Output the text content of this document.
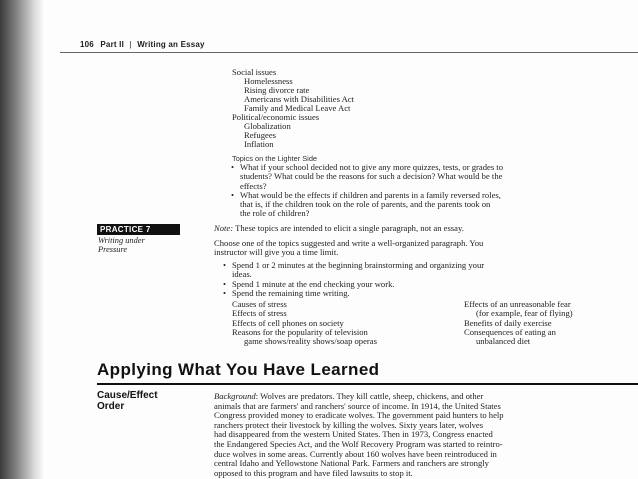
106 Part II | Writing an Essay
Social issues
Homelessness
Rising divorce rate
Americans with Disabilities Act
Family and Medical Leave Act
Political/economic issues
Globalization
Refugees
Inflation
Topics on the Lighter Side
• What if your school decided not to give any more quizzes, tests, or grades to
students? What could be the reasons for such a decision? What would be the
effects?
• What would be the effects if children and parents in a family reversed roles,
that is, if the children took on the role of parents, and the parents took on
the role of children?
PRACTICE 7
Writing under
Pressure
Note: These topics are intended to elicit a single paragraph, not an essay.
Choose one of the topics suggested and write a well-organized paragraph. You
instructor will give you a time limit.
• Spend 1 or 2 minutes at the beginning brainstorming and organizing your
ideas.
• Spend 1 minute at the end checking your work.
• Spend the remaining time writing.
Causes of stress
Effects of stress
Effects of cell phones on society
Reasons for the popularity of television
game shows/reality shows/soap operas
Effects of an unreasonable fear
(for example, fear of flying)
Benefits of daily exercise
Consequences of eating an
unbalanced diet
Applying What You Have Learned
Cause/Effect
Order
Background: Wolves are predators. They kill cattle, sheep, chickens, and other
animals that are farmers' and ranchers' source of income. In 1914, the United States
Congress provided money to eradicate wolves. The government paid hunters to help
ranchers protect their livestock by killing the wolves. Sixty years later, wolves
had disappeared from the western United States. Then in 1973, Congress enacted
the Endangered Species Act, and the Wolf Recovery Program was started to reintro-
duce wolves in some areas. Currently about 160 wolves have been reintroduced in
central Idaho and Yellowstone National Park. Farmers and ranchers are strongly
opposed to this program and have filed lawsuits to stop it.
